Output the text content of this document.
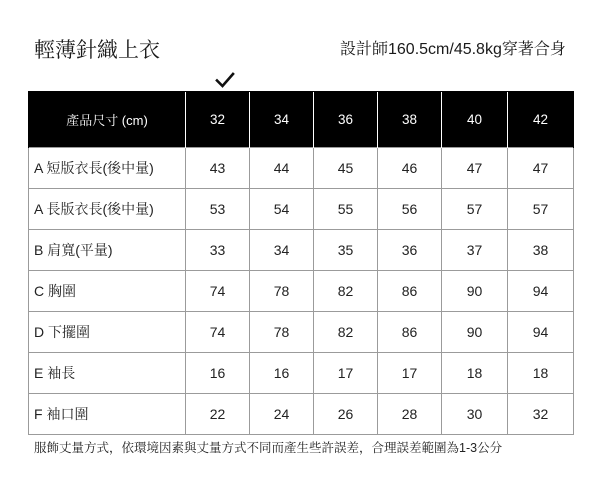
輕薄針織上衣	設計師160.5cm/45.8kg穿著合身
產品尺寸 (cm)	32	34	36	38	40	42
A 短版衣長(後中量)	43	44	45	46	47	47
A 長版衣長(後中量)	53	54	55	56	57	57
B 肩寬(平量)	33	34	35	36	37	38
C 胸圍	74	78	82	86	90	94
D 下擺圍	74	78	82	86	90	94
E 袖長	16	16	17	17	18	18
F 袖口圍	22	24	26	28	30	32
服飾丈量方式，依環境因素與丈量方式不同而產生些許誤差，合理誤差範圍為1-3公分
